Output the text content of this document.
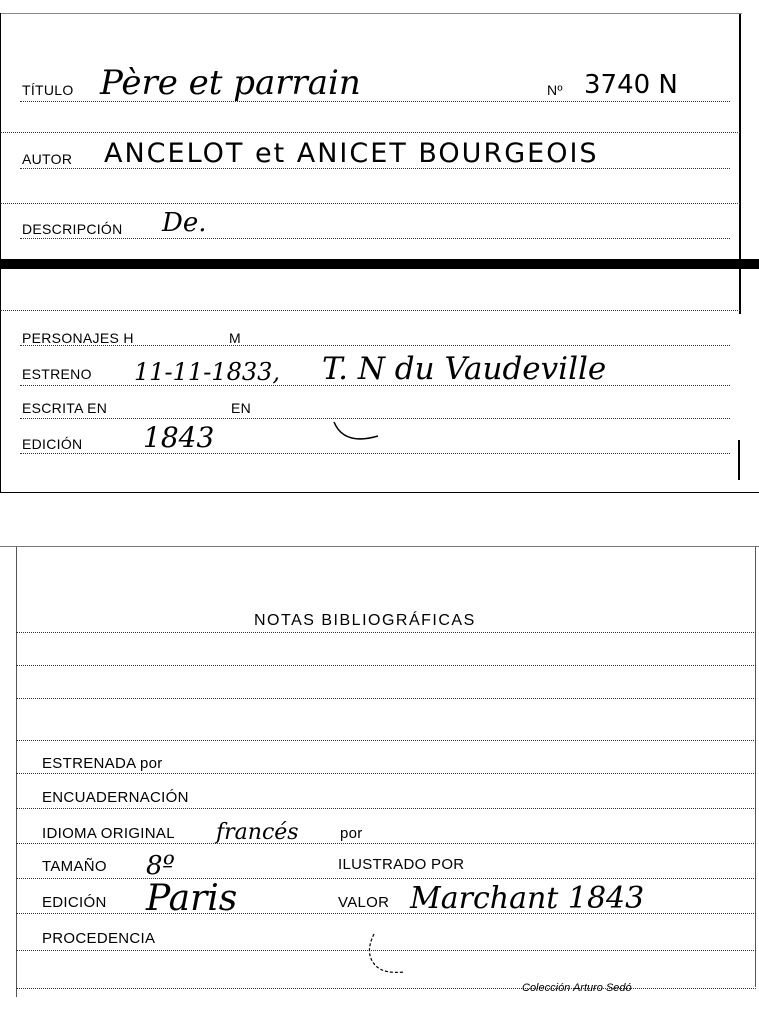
TÍTULO Père et parrain	Nº 3740 N
AUTOR ANCELOT et ANICET BOURGEOIS
DESCRIPCIÓN De.
PERSONAJES H	M
ESTRENO 11-11-1833, T. N du Vaudeville
ESCRITA EN	EN
EDICIÓN 1843
NOTAS BIBLIOGRÁFICAS
ESTRENADA por
ENCUADERNACIÓN
IDIOMA ORIGINAL francés	por
TAMAÑO 8º	ILUSTRADO POR
EDICIÓN Paris	VALOR Marchant 1843
PROCEDENCIA
Colección Arturo Sedó
